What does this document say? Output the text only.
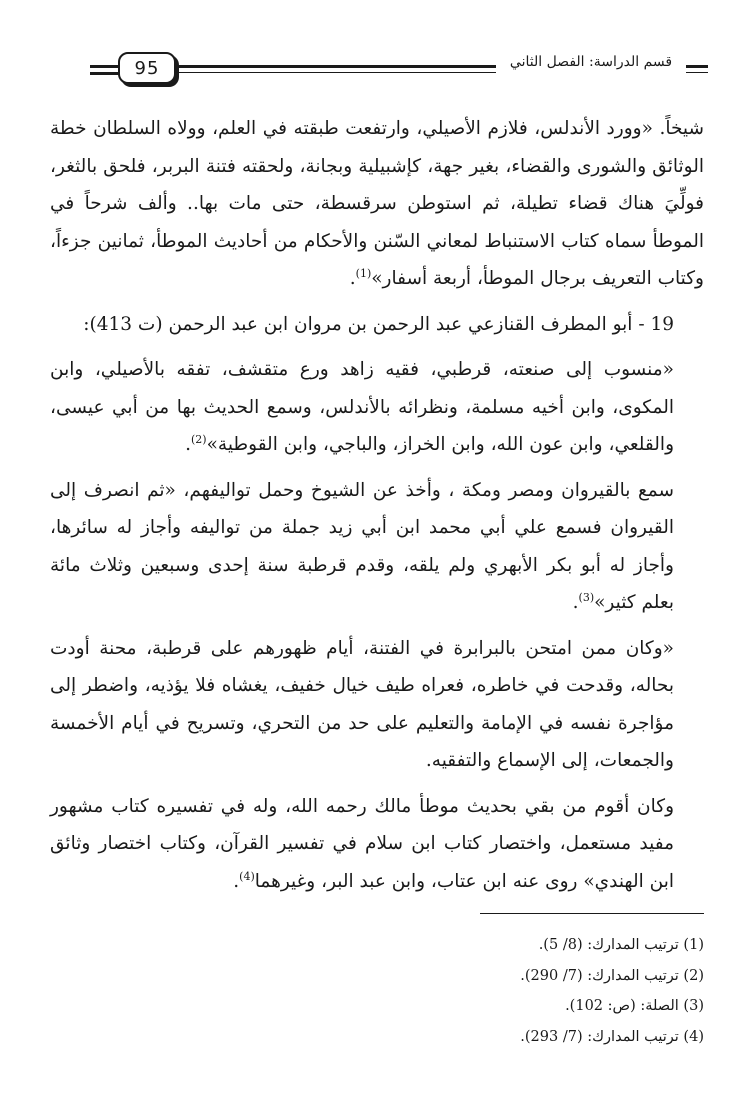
95	قسم الدراسة: الفصل الثاني

شيخاً. «وورد الأندلس، فلازم الأصيلي، وارتفعت طبقته في العلم، وولاه السلطان خطة الوثائق والشورى والقضاء، بغير جهة، كإشبيلية وبجانة، ولحقته فتنة البربر، فلحق بالثغر، فولِّيَ هناك قضاء تطيلة، ثم استوطن سرقسطة، حتى مات بها.. وألف شرحاً في الموطأ سماه كتاب الاستنباط لمعاني السّنن والأحكام من أحاديث الموطأ، ثمانين جزءاً، وكتاب التعريف برجال الموطأ، أربعة أسفار»$^{(1)}$.

19 - أبو المطرف القنازعي عبد الرحمن بن مروان ابن عبد الرحمن (ت 413):

«منسوب إلى صنعته، قرطبي، فقيه زاهد ورع متقشف، تفقه بالأصيلي، وابن المكوى، وابن أخيه مسلمة، ونظرائه بالأندلس، وسمع الحديث بها من أبي عيسى، والقلعي، وابن عون الله، وابن الخراز، والباجي، وابن القوطية»$^{(2)}$.

سمع بالقيروان ومصر ومكة ، وأخذ عن الشيوخ وحمل تواليفهم، «ثم انصرف إلى القيروان فسمع علي أبي محمد ابن أبي زيد جملة من تواليفه وأجاز له سائرها، وأجاز له أبو بكر الأبهري ولم يلقه، وقدم قرطبة سنة إحدى وسبعين وثلاث مائة بعلم كثير»$^{(3)}$.

«وكان ممن امتحن بالبرابرة في الفتنة، أيام ظهورهم على قرطبة، محنة أودت بحاله، وقدحت في خاطره، فعراه طيف خيال خفيف، يغشاه فلا يؤذيه، واضطر إلى مؤاجرة نفسه في الإمامة والتعليم على حد من التحري، وتسريح في أيام الأخمسة والجمعات، إلى الإسماع والتفقيه.

وكان أقوم من بقي بحديث موطأ مالك رحمه الله، وله في تفسيره كتاب مشهور مفيد مستعمل، واختصار كتاب ابن سلام في تفسير القرآن، وكتاب اختصار وثائق ابن الهندي» روى عنه ابن عتاب، وابن عبد البر، وغيرهما$^{(4)}$.

(1) ترتيب المدارك: (8/ 5).
(2) ترتيب المدارك: (7/ 290).
(3) الصلة: (ص: 102).
(4) ترتيب المدارك: (7/ 293).
